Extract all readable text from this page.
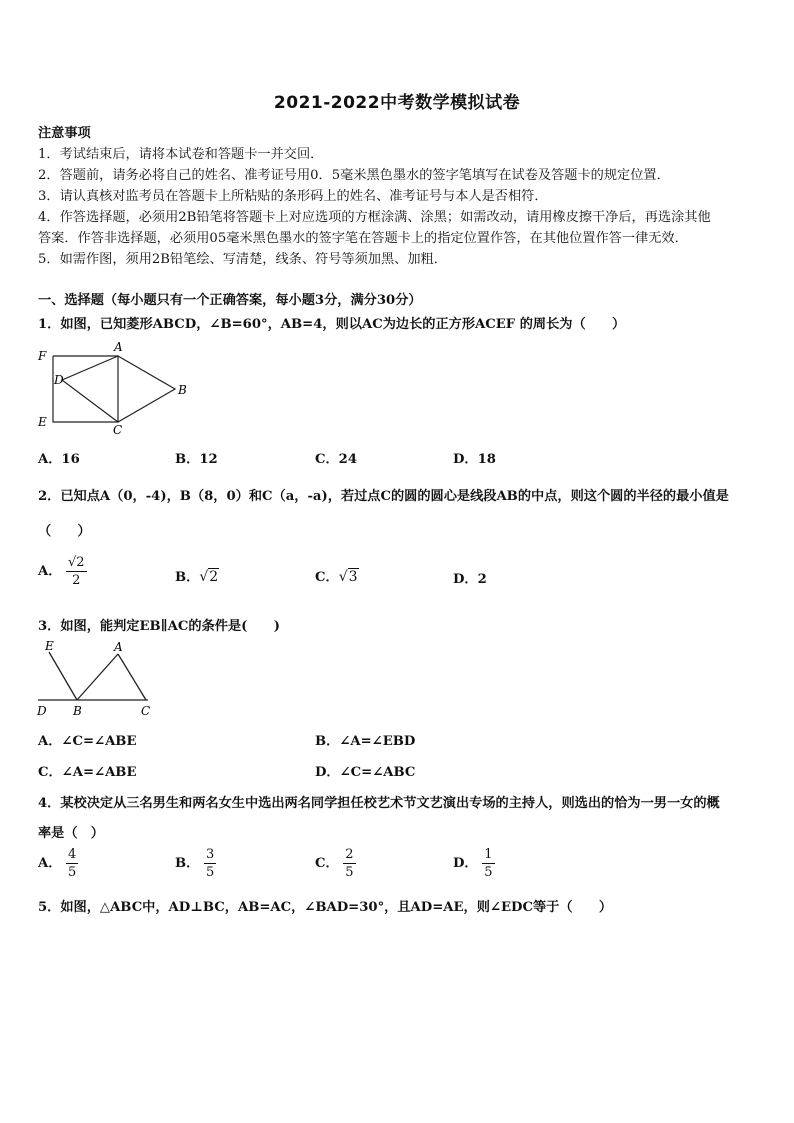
2021-2022中考数学模拟试卷
注意事项
1．考试结束后，请将本试卷和答题卡一并交回．
2．答题前，请务必将自己的姓名、准考证号用0．5毫米黑色墨水的签字笔填写在试卷及答题卡的规定位置．
3．请认真核对监考员在答题卡上所粘贴的条形码上的姓名、准考证号与本人是否相符．
4．作答选择题，必须用2B铅笔将答题卡上对应选项的方框涂满、涂黑；如需改动，请用橡皮擦干净后，再选涂其他
答案．作答非选择题，必须用05毫米黑色墨水的签字笔在答题卡上的指定位置作答，在其他位置作答一律无效．
5．如需作图，须用2B铅笔绘、写清楚，线条、符号等须加黑、加粗．
一、选择题（每小题只有一个正确答案，每小题3分，满分30分）
1．如图，已知菱形ABCD，∠B=60°，AB=4，则以AC为边长的正方形ACEF 的周长为（　　）
F
A
D
B
E
C
A．16	B．12	C．24	D．18
2．已知点A（0，-4)，B（8，0）和C（a，-a)，若过点C的圆的圆心是线段AB的中点，则这个圆的半径的最小值是
（　　）
A． $\frac{√2}{2}$	B．√2	C．√3	D．2
3．如图，能判定EB∥AC的条件是(　　)
E	A
D B	C
A．∠C=∠ABE	B．∠A=∠EBD
C．∠A=∠ABE	D．∠C=∠ABC
4．某校决定从三名男生和两名女生中选出两名同学担任校艺术节文艺演出专场的主持人，则选出的恰为一男一女的概
率是（　）
A． $\frac{4}{5}$	B． $\frac{3}{5}$	C． $\frac{2}{5}$	D． $\frac{1}{5}$
5．如图，△ABC中，AD⊥BC，AB=AC，∠BAD=30°，且AD=AE，则∠EDC等于（　　）
